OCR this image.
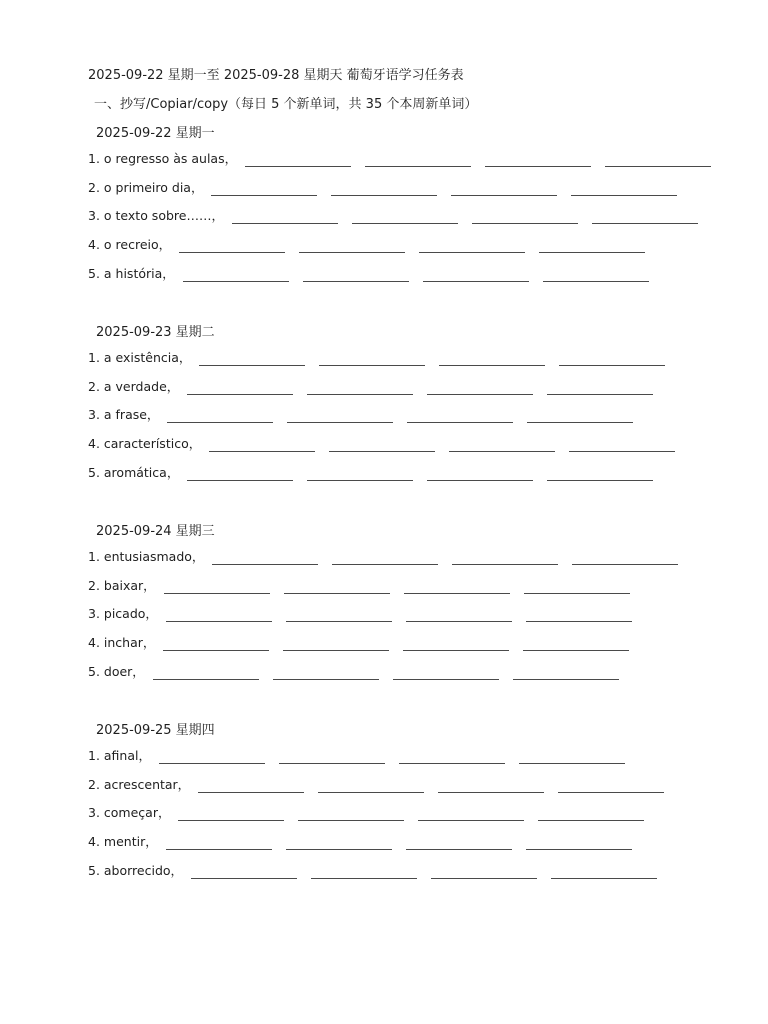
2025-09-22 星期一至 2025-09-28 星期天 葡萄牙语学习任务表
一、抄写/Copiar/copy（每日 5 个新单词，共 35 个本周新单词）
2025-09-22 星期一
1. o regresso às aulas，
2. o primeiro dia，
3. o texto sobre……，
4. o recreio，
5. a história，
2025-09-23 星期二
1. a existência，
2. a verdade，
3. a frase，
4. característico，
5. aromática，
2025-09-24 星期三
1. entusiasmado，
2. baixar，
3. picado，
4. inchar，
5. doer，
2025-09-25 星期四
1. afinal，
2. acrescentar，
3. começar，
4. mentir，
5. aborrecido，
